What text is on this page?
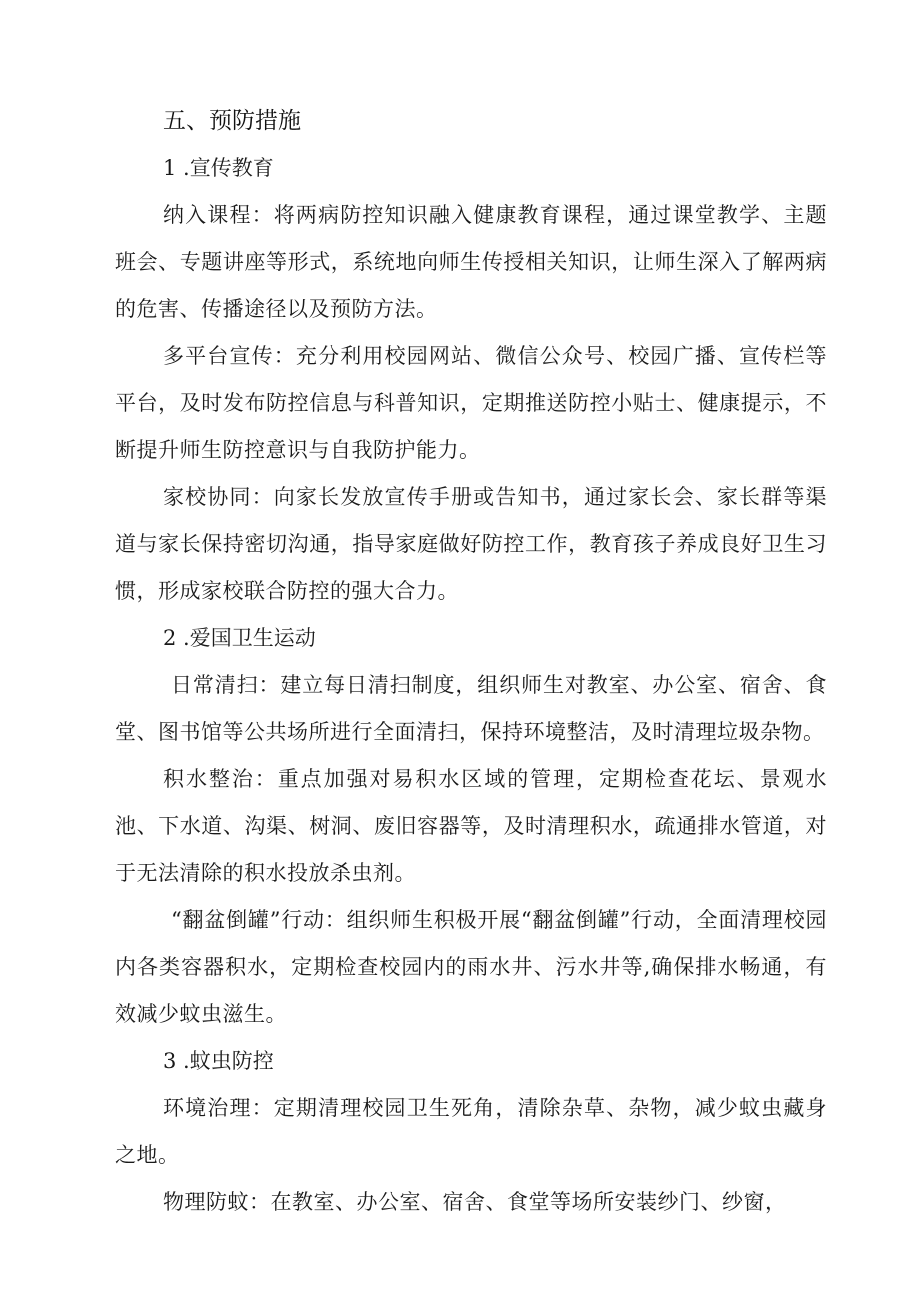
五、预防措施

1 .宣传教育

纳入课程：将两病防控知识融入健康教育课程，通过课堂教学、主题班会、专题讲座等形式，系统地向师生传授相关知识，让师生深入了解两病的危害、传播途径以及预防方法。

多平台宣传：充分利用校园网站、微信公众号、校园广播、宣传栏等平台，及时发布防控信息与科普知识，定期推送防控小贴士、健康提示，不断提升师生防控意识与自我防护能力。

家校协同：向家长发放宣传手册或告知书，通过家长会、家长群等渠道与家长保持密切沟通，指导家庭做好防控工作，教育孩子养成良好卫生习惯，形成家校联合防控的强大合力。

2 .爱国卫生运动

日常清扫：建立每日清扫制度，组织师生对教室、办公室、宿舍、食堂、图书馆等公共场所进行全面清扫，保持环境整洁，及时清理垃圾杂物。

积水整治：重点加强对易积水区域的管理，定期检查花坛、景观水池、下水道、沟渠、树洞、废旧容器等，及时清理积水，疏通排水管道，对于无法清除的积水投放杀虫剂。

“翻盆倒罐”行动：组织师生积极开展“翻盆倒罐”行动，全面清理校园内各类容器积水，定期检查校园内的雨水井、污水井等,确保排水畅通，有效减少蚊虫滋生。

3 .蚊虫防控

环境治理：定期清理校园卫生死角，清除杂草、杂物，减少蚊虫藏身之地。

物理防蚊：在教室、办公室、宿舍、食堂等场所安装纱门、纱窗，
